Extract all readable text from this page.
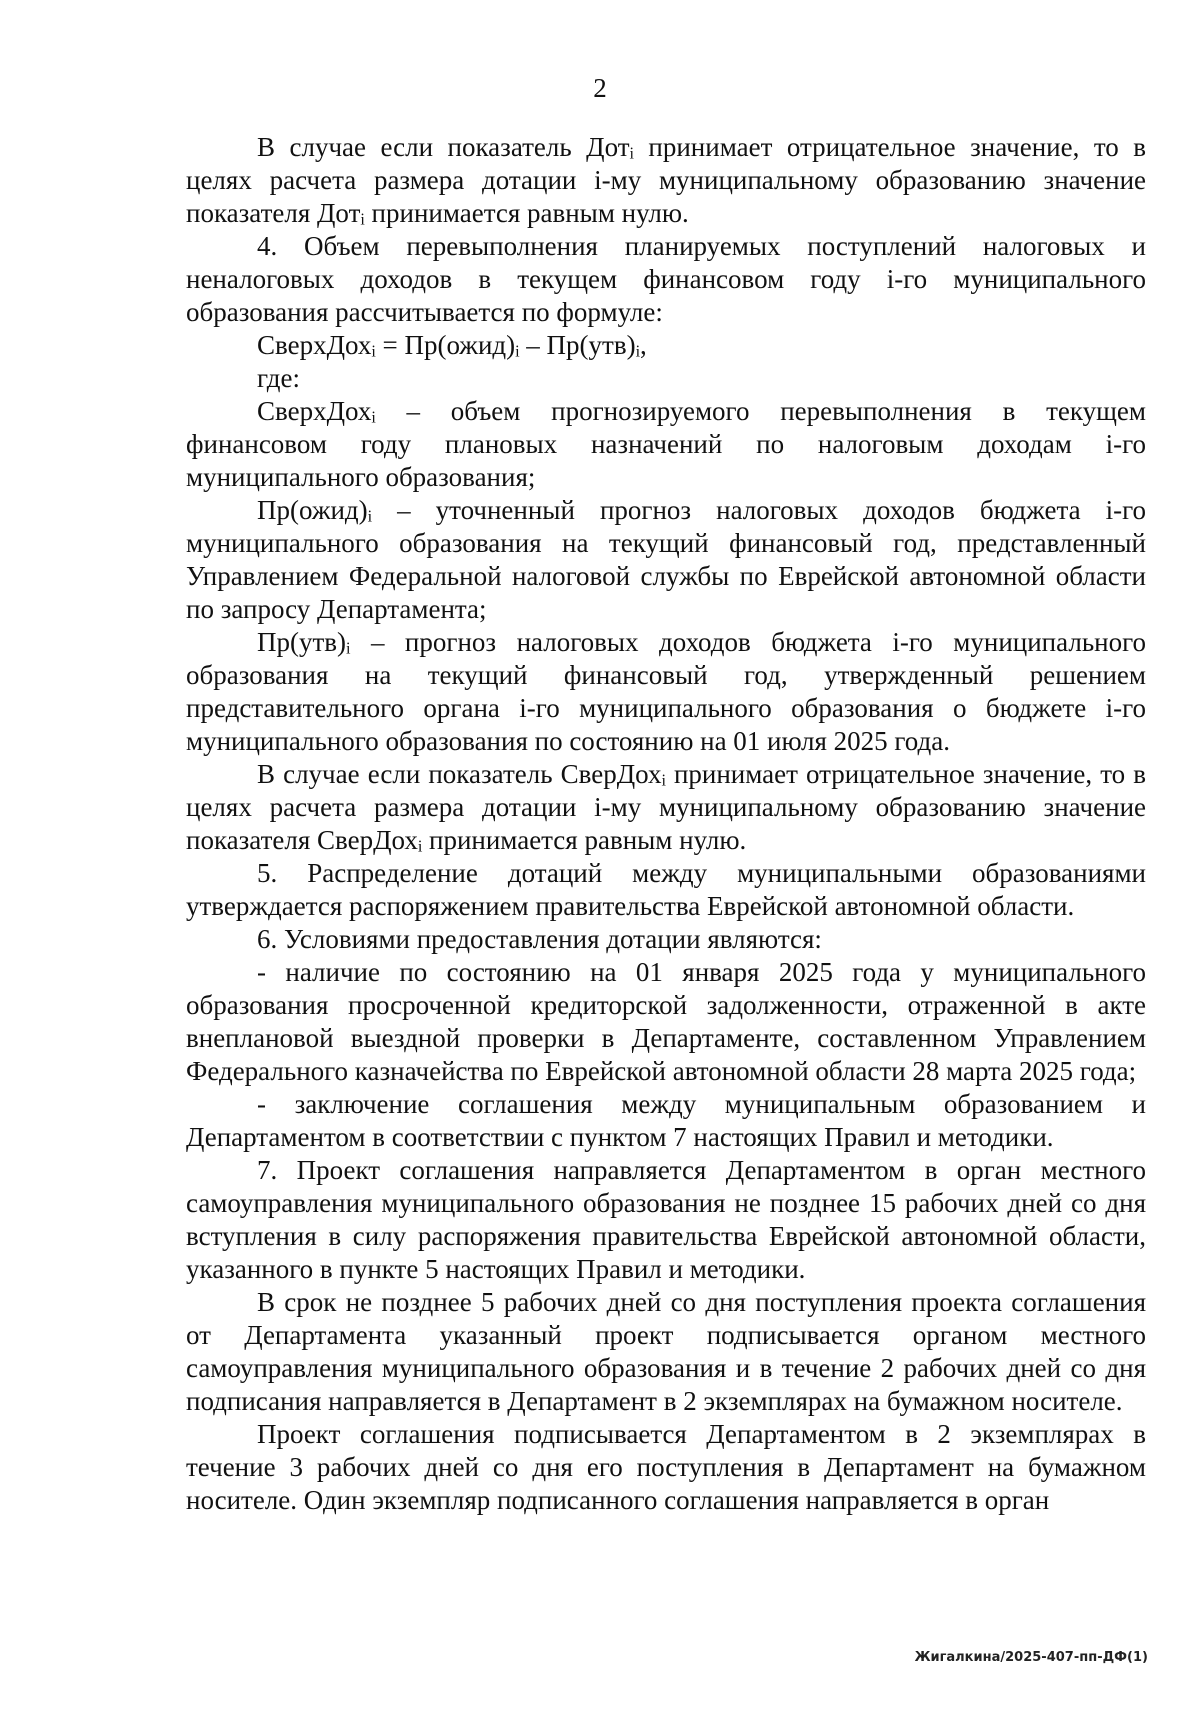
2

В случае если показатель Дотᵢ принимает отрицательное значение, то в целях расчета размера дотации i-му муниципальному образованию значение показателя Дотᵢ принимается равным нулю.

4. Объем перевыполнения планируемых поступлений налоговых и неналоговых доходов в текущем финансовом году i-го муниципального образования рассчитывается по формуле:

СверхДохᵢ = Пр(ожид)ᵢ – Пр(утв)ᵢ,

где:

СверхДохᵢ – объем прогнозируемого перевыполнения в текущем финансовом году плановых назначений по налоговым доходам i-го муниципального образования;

Пр(ожид)ᵢ – уточненный прогноз налоговых доходов бюджета i-го муниципального образования на текущий финансовый год, представленный Управлением Федеральной налоговой службы по Еврейской автономной области по запросу Департамента;

Пр(утв)ᵢ – прогноз налоговых доходов бюджета i-го муниципального образования на текущий финансовый год, утвержденный решением представительного органа i-го муниципального образования о бюджете i-го муниципального образования по состоянию на 01 июля 2025 года.

В случае если показатель СверДохᵢ принимает отрицательное значение, то в целях расчета размера дотации i-му муниципальному образованию значение показателя СверДохᵢ принимается равным нулю.

5. Распределение дотаций между муниципальными образованиями утверждается распоряжением правительства Еврейской автономной области.

6. Условиями предоставления дотации являются:

- наличие по состоянию на 01 января 2025 года у муниципального образования просроченной кредиторской задолженности, отраженной в акте внеплановой выездной проверки в Департаменте, составленном Управлением Федерального казначейства по Еврейской автономной области 28 марта 2025 года;

- заключение соглашения между муниципальным образованием и Департаментом в соответствии с пунктом 7 настоящих Правил и методики.

7. Проект соглашения направляется Департаментом в орган местного самоуправления муниципального образования не позднее 15 рабочих дней со дня вступления в силу распоряжения правительства Еврейской автономной области, указанного в пункте 5 настоящих Правил и методики.

В срок не позднее 5 рабочих дней со дня поступления проекта соглашения от Департамента указанный проект подписывается органом местного самоуправления муниципального образования и в течение 2 рабочих дней со дня подписания направляется в Департамент в 2 экземплярах на бумажном носителе.

Проект соглашения подписывается Департаментом в 2 экземплярах в течение 3 рабочих дней со дня его поступления в Департамент на бумажном носителе. Один экземпляр подписанного соглашения направляется в орган

Жигалкина/2025-407-пп-ДФ(1)
